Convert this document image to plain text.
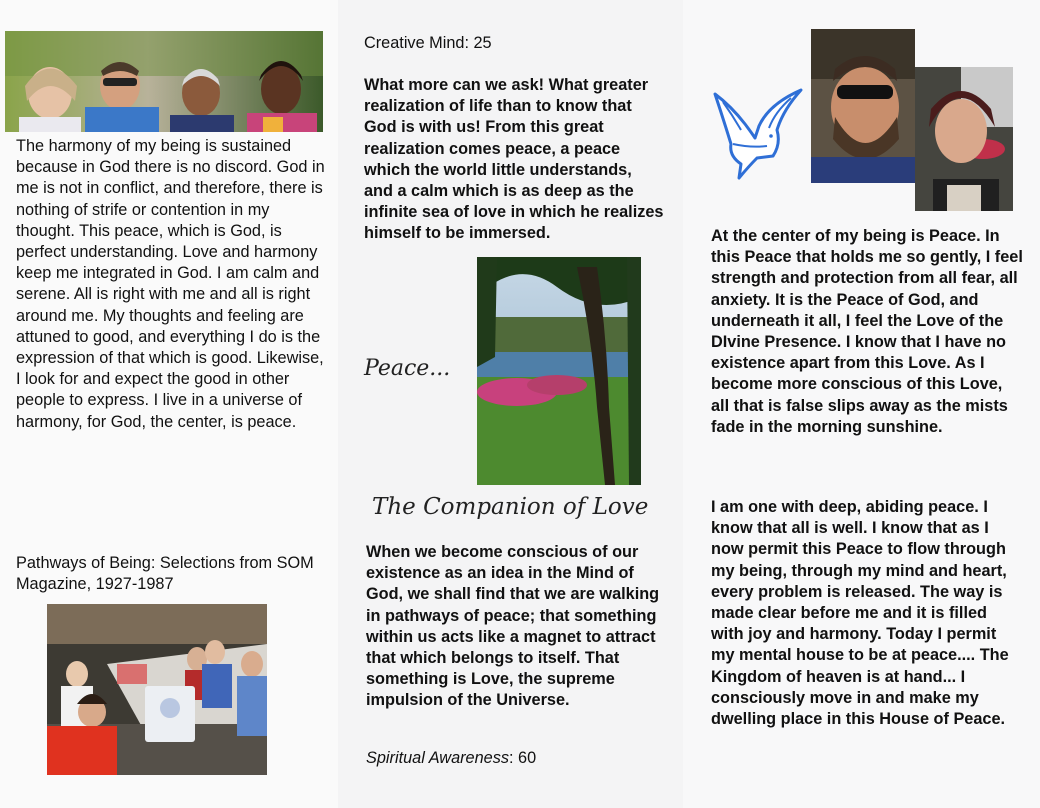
The harmony of my being is sustained because in God there is no discord. God in me is not in conflict, and therefore, there is nothing of strife or contention in my thought. This peace, which is God, is perfect understanding. Love and harmony keep me integrated in God. I am calm and serene. All is right with me and all is right around me. My thoughts and feeling are attuned to good, and everything I do is the expression of that which is good. Likewise, I look for and expect the good in other people to express. I live in a universe of harmony, for God, the center, is peace.

Pathways of Being: Selections from SOM Magazine, 1927-1987

Creative Mind: 25

What more can we ask! What greater realization of life than to know that God is with us! From this great realization comes peace, a peace which the world little understands, and a calm which is as deep as the infinite sea of love in which he realizes himself to be immersed.

Peace...
The Companion of Love

When we become conscious of our existence as an idea in the Mind of God, we shall find that we are walking in pathways of peace; that something within us acts like a magnet to attract that which belongs to itself. That something is Love, the supreme impulsion of the Universe.

Spiritual Awareness: 60

At the center of my being is Peace. In this Peace that holds me so gently, I feel strength and protection from all fear, all anxiety. It is the Peace of God, and underneath it all, I feel the Love of the DIvine Presence. I know that I have no existence apart from this Love. As I become more conscious of this Love, all that is false slips away as the mists fade in the morning sunshine.

I am one with deep, abiding peace. I know that all is well. I know that as I now permit this Peace to flow through my being, through my mind and heart, every problem is released. The way is made clear before me and it is filled with joy and harmony. Today I permit my mental house to be at peace.... The Kingdom of heaven is at hand... I consciously move in and make my dwelling place in this House of Peace.
